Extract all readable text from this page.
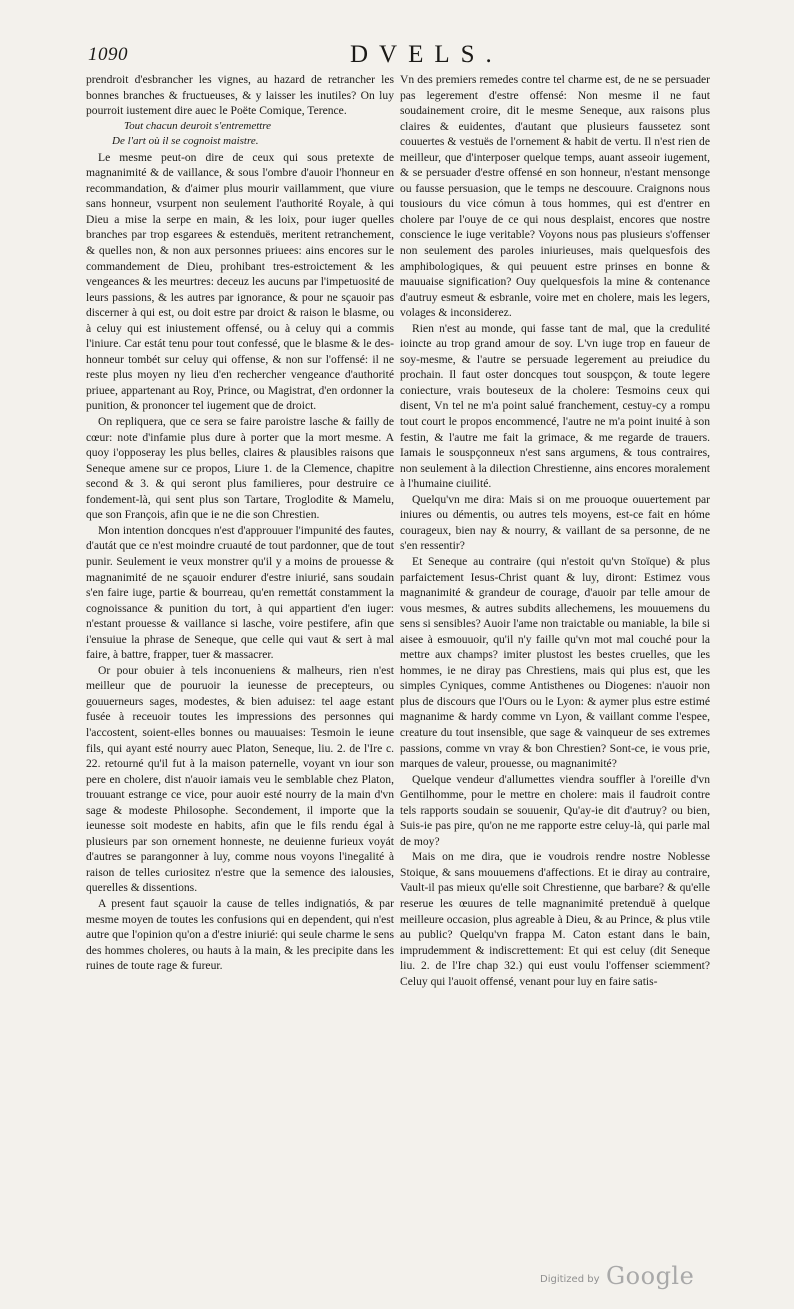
1090	DVELS.

prendroit d'esbrancher les vignes, au hazard de retrancher les bonnes branches & fructueuses, & y laisser les inutiles? On luy pourroit iustement dire auec le Poëte Comique, Terence.

Tout chacun deuroit s'entremettre

De l'art où il se cognoist maistre.

Le mesme peut-on dire de ceux qui sous pretexte de magnanimité & de vaillance, & sous l'ombre d'auoir l'honneur en recommandation, & d'aimer plus mourir vaillamment, que viure sans honneur, vsurpent non seulement l'authorité Royale, à qui Dieu a mise la serpe en main, & les loix, pour iuger quelles branches par trop esgarees & estenduës, meritent retranchement, & quelles non, & non aux personnes priuees: ains encores sur le commandement de Dieu, prohibant tres-estroictement & les vengeances & les meurtres: deceuz les aucuns par l'impetuosité de leurs passions, & les autres par ignorance, & pour ne sçauoir pas discerner à qui est, ou doit estre par droict & raison le blasme, ou à celuy qui est iniustement offensé, ou à celuy qui a commis l'iniure. Car estát tenu pour tout confessé, que le blasme & le des-honneur tombét sur celuy qui offense, & non sur l'offensé: il ne reste plus moyen ny lieu d'en rechercher vengeance d'authorité priuee, appartenant au Roy, Prince, ou Magistrat, d'en ordonner la punition, & prononcer tel iugement que de droict.

On repliquera, que ce sera se faire paroistre lasche & failly de cœur: note d'infamie plus dure à porter que la mort mesme. A quoy i'opposeray les plus belles, claires & plausibles raisons que Seneque amene sur ce propos, Liure 1. de la Clemence, chapitre second & 3. & qui seront plus familieres, pour destruire ce fondement-là, qui sent plus son Tartare, Troglodite & Mamelu, que son François, afin que ie ne die son Chrestien.

Mon intention doncques n'est d'approuuer l'impunité des fautes, d'autát que ce n'est moindre cruauté de tout pardonner, que de tout punir. Seulement ie veux monstrer qu'il y a moins de prouesse & magnanimité de ne sçauoir endurer d'estre iniurié, sans soudain s'en faire iuge, partie & bourreau, qu'en remettát constamment la cognoissance & punition du tort, à qui appartient d'en iuger: n'estant prouesse & vaillance si lasche, voire pestifere, afin que i'ensuiue la phrase de Seneque, que celle qui vaut & sert à mal faire, à battre, frapper, tuer & massacrer.

Or pour obuier à tels inconueniens & malheurs, rien n'est meilleur que de pouruoir la ieunesse de precepteurs, ou gouuerneurs sages, modestes, & bien aduisez: tel aage estant fusée à receuoir toutes les impressions des personnes qui l'accostent, soient-elles bonnes ou mauuaises: Tesmoin le ieune fils, qui ayant esté nourry auec Platon, Seneque, liu. 2. de l'Ire c. 22. retourné qu'il fut à la maison paternelle, voyant vn iour son pere en cholere, dist n'auoir iamais veu le semblable chez Platon, trouuant estrange ce vice, pour auoir esté nourry de la main d'vn sage & modeste Philosophe. Secondement, il importe que la ieunesse soit modeste en habits, afin que le fils rendu égal à plusieurs par son ornement honneste, ne deuienne furieux voyát d'autres se parangonner à luy, comme nous voyons l'inegalité à raison de telles curiositez n'estre que la semence des ialousies, querelles & dissentions.

A present faut sçauoir la cause de telles indignatiós, & par mesme moyen de toutes les confusions qui en dependent, qui n'est autre que l'opinion qu'on a d'estre iniurié: qui seule charme le sens des hommes choleres, ou hauts à la main, & les precipite dans les ruines de toute rage & fureur.

Vn des premiers remedes contre tel charme est, de ne se persuader pas legerement d'estre offensé: Non mesme il ne faut soudainement croire, dit le mesme Seneque, aux raisons plus claires & euidentes, d'autant que plusieurs faussetez sont couuertes & vestuës de l'ornement & habit de vertu. Il n'est rien de meilleur, que d'interposer quelque temps, auant asseoir iugement, & se persuader d'estre offensé en son honneur, n'estant mensonge ou fausse persuasion, que le temps ne descouure. Craignons nous tousiours du vice cómun à tous hommes, qui est d'entrer en cholere par l'ouye de ce qui nous desplaist, encores que nostre conscience le iuge veritable? Voyons nous pas plusieurs s'offenser non seulement des paroles iniurieuses, mais quelquesfois des amphibologiques, & qui peuuent estre prinses en bonne & mauuaise signification? Ouy quelquesfois la mine & contenance d'autruy esmeut & esbranle, voire met en cholere, mais les legers, volages & inconsiderez.

Rien n'est au monde, qui fasse tant de mal, que la credulité ioincte au trop grand amour de soy. L'vn iuge trop en faueur de soy-mesme, & l'autre se persuade legerement au preiudice du prochain. Il faut oster doncques tout souspçon, & toute legere coniecture, vrais bouteseux de la cholere: Tesmoins ceux qui disent, Vn tel ne m'a point salué franchement, cestuy-cy a rompu tout court le propos encommencé, l'autre ne m'a point inuité à son festin, & l'autre me fait la grimace, & me regarde de trauers. Iamais le souspçonneux n'est sans argumens, & tous contraires, non seulement à la dilection Chrestienne, ains encores moralement à l'humaine ciuilité.

Quelqu'vn me dira: Mais si on me prouoque ouuertement par iniures ou démentis, ou autres tels moyens, est-ce fait en hóme courageux, bien nay & nourry, & vaillant de sa personne, de ne s'en ressentir?

Et Seneque au contraire (qui n'estoit qu'vn Stoïque) & plus parfaictement Iesus-Christ quant & luy, diront: Estimez vous magnanimité & grandeur de courage, d'auoir par telle amour de vous mesmes, & autres subdits allechemens, les mouuemens du sens si sensibles? Auoir l'ame non traictable ou maniable, la bile si aisee à esmouuoir, qu'il n'y faille qu'vn mot mal couché pour la mettre aux champs? imiter plustost les bestes cruelles, que les hommes, ie ne diray pas Chrestiens, mais qui plus est, que les simples Cyniques, comme Antisthenes ou Diogenes: n'auoir non plus de discours que l'Ours ou le Lyon: & aymer plus estre estimé magnanime & hardy comme vn Lyon, & vaillant comme l'espee, creature du tout insensible, que sage & vainqueur de ses extremes passions, comme vn vray & bon Chrestien? Sont-ce, ie vous prie, marques de valeur, prouesse, ou magnanimité?

Quelque vendeur d'allumettes viendra souffler à l'oreille d'vn Gentilhomme, pour le mettre en cholere: mais il faudroit contre tels rapports soudain se souuenir, Qu'ay-ie dit d'autruy? ou bien, Suis-ie pas pire, qu'on ne me rapporte estre celuy-là, qui parle mal de moy?

Mais on me dira, que ie voudrois rendre nostre Noblesse Stoique, & sans mouuemens d'affections. Et ie diray au contraire, Vault-il pas mieux qu'elle soit Chrestienne, que barbare? & qu'elle reserue les œuures de telle magnanimité pretenduë à quelque meilleure occasion, plus agreable à Dieu, & au Prince, & plus vtile au public? Quelqu'vn frappa M. Caton estant dans le bain, imprudemment & indiscrettement: Et qui est celuy (dit Seneque liu. 2. de l'Ire chap 32.) qui eust voulu l'offenser sciemment? Celuy qui l'auoit offensé, venant pour luy en faire satis-

Digitized by Google
